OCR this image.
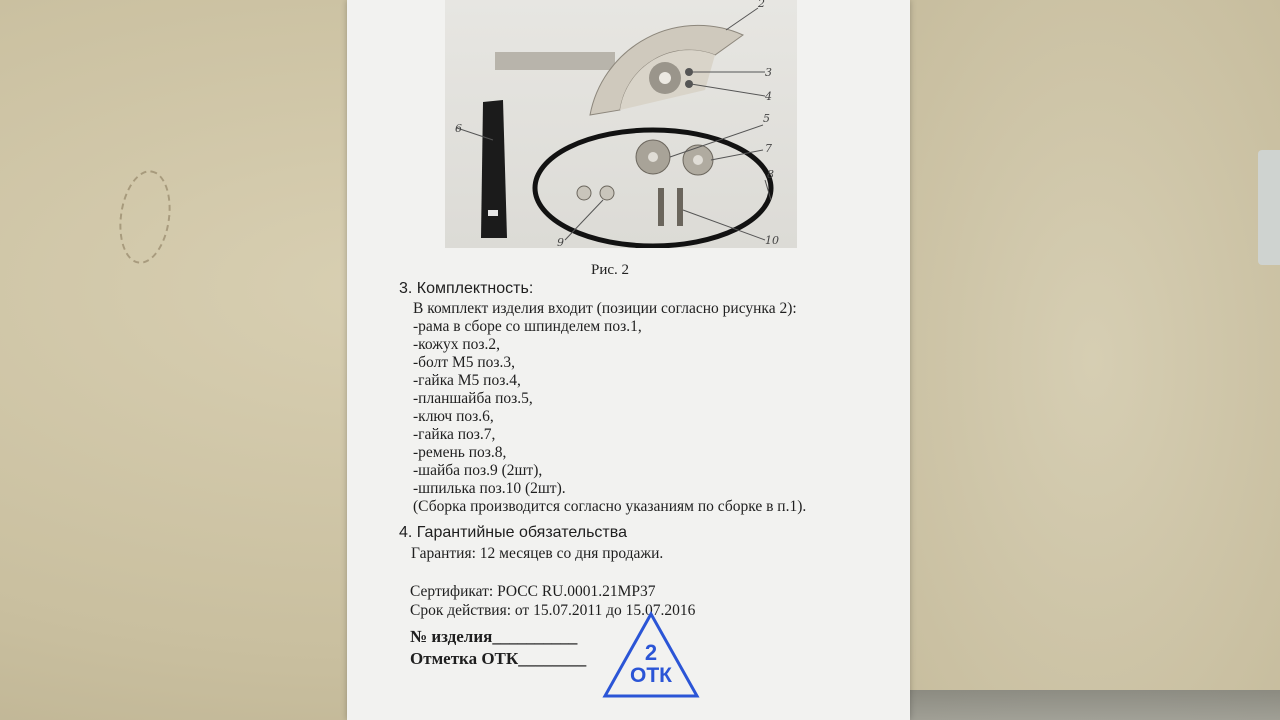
2
3
4
5
6
7
8
9	10
Рис. 2
3. Комплектность:
В комплект изделия входит (позиции согласно рисунка 2):
-рама в сборе со шпинделем поз.1,
-кожух поз.2,
-болт М5 поз.3,
-гайка М5 поз.4,
-планшайба поз.5,
-ключ поз.6,
-гайка поз.7,
-ремень поз.8,
-шайба поз.9 (2шт),
-шпилька поз.10 (2шт).
(Сборка производится согласно указаниям по сборке в п.1).
4. Гарантийные обязательства
Гарантия: 12 месяцев со дня продажи.
Сертификат: РОСС RU.0001.21МР37
Срок действия: от 15.07.2011 до 15.07.2016
№ изделия__________
Отметка ОТК________	2
ОТК
